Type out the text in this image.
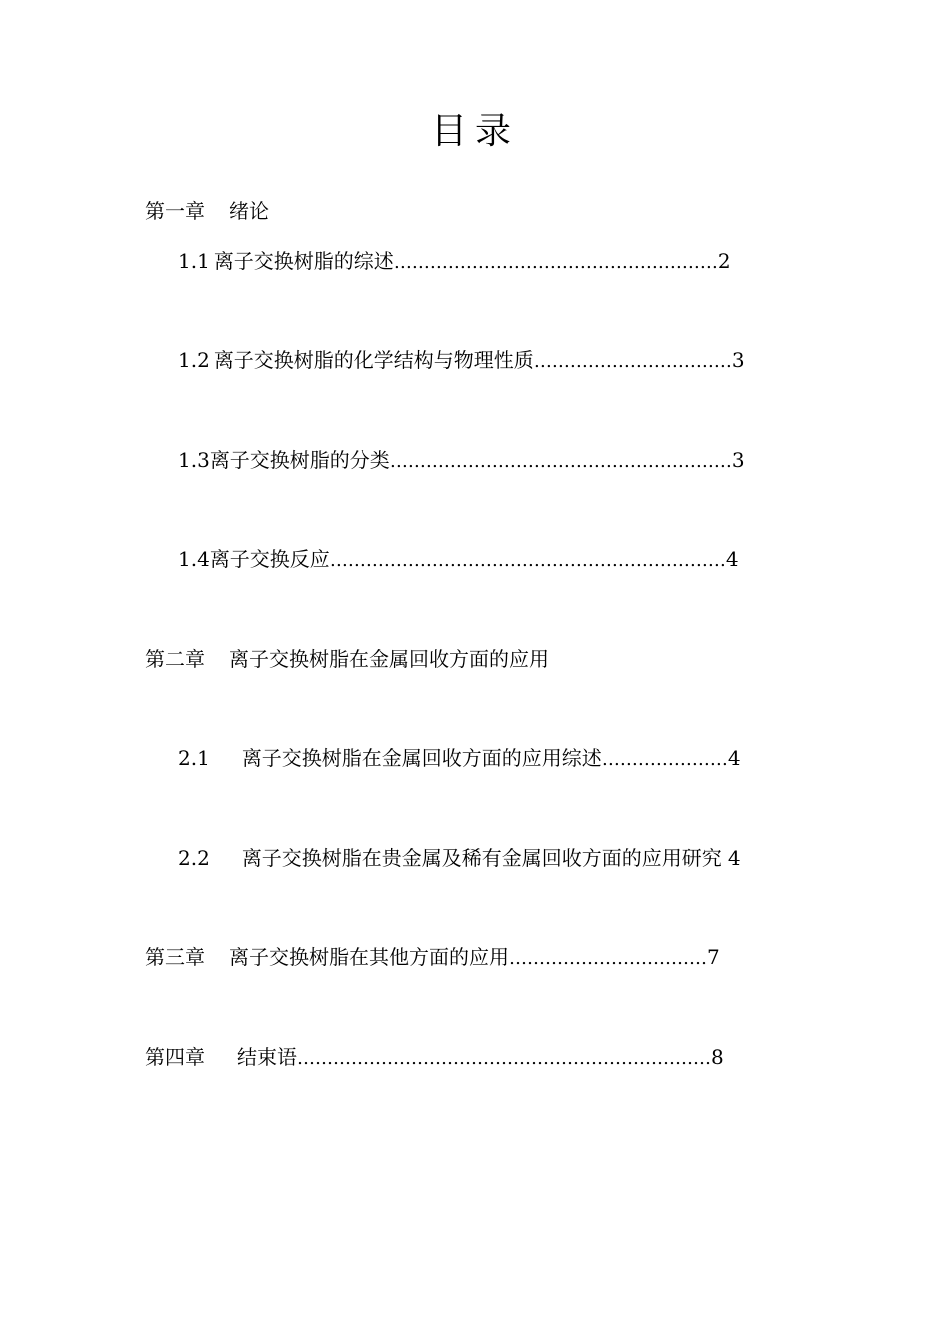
目录
第一章 绪论
1.1 离子交换树脂的综述………………………………………………2
1.2 离子交换树脂的化学结构与物理性质……………………………3
1.3离子交换树脂的分类…………………………………………………3
1.4离子交换反应…………………………………………………………4
第二章 离子交换树脂在金属回收方面的应用
2.1 离子交换树脂在金属回收方面的应用综述…………………4
2.2 离子交换树脂在贵金属及稀有金属回收方面的应用研究 4
第三章 离子交换树脂在其他方面的应用……………………………7
第四章 结束语……………………………………………………………8
